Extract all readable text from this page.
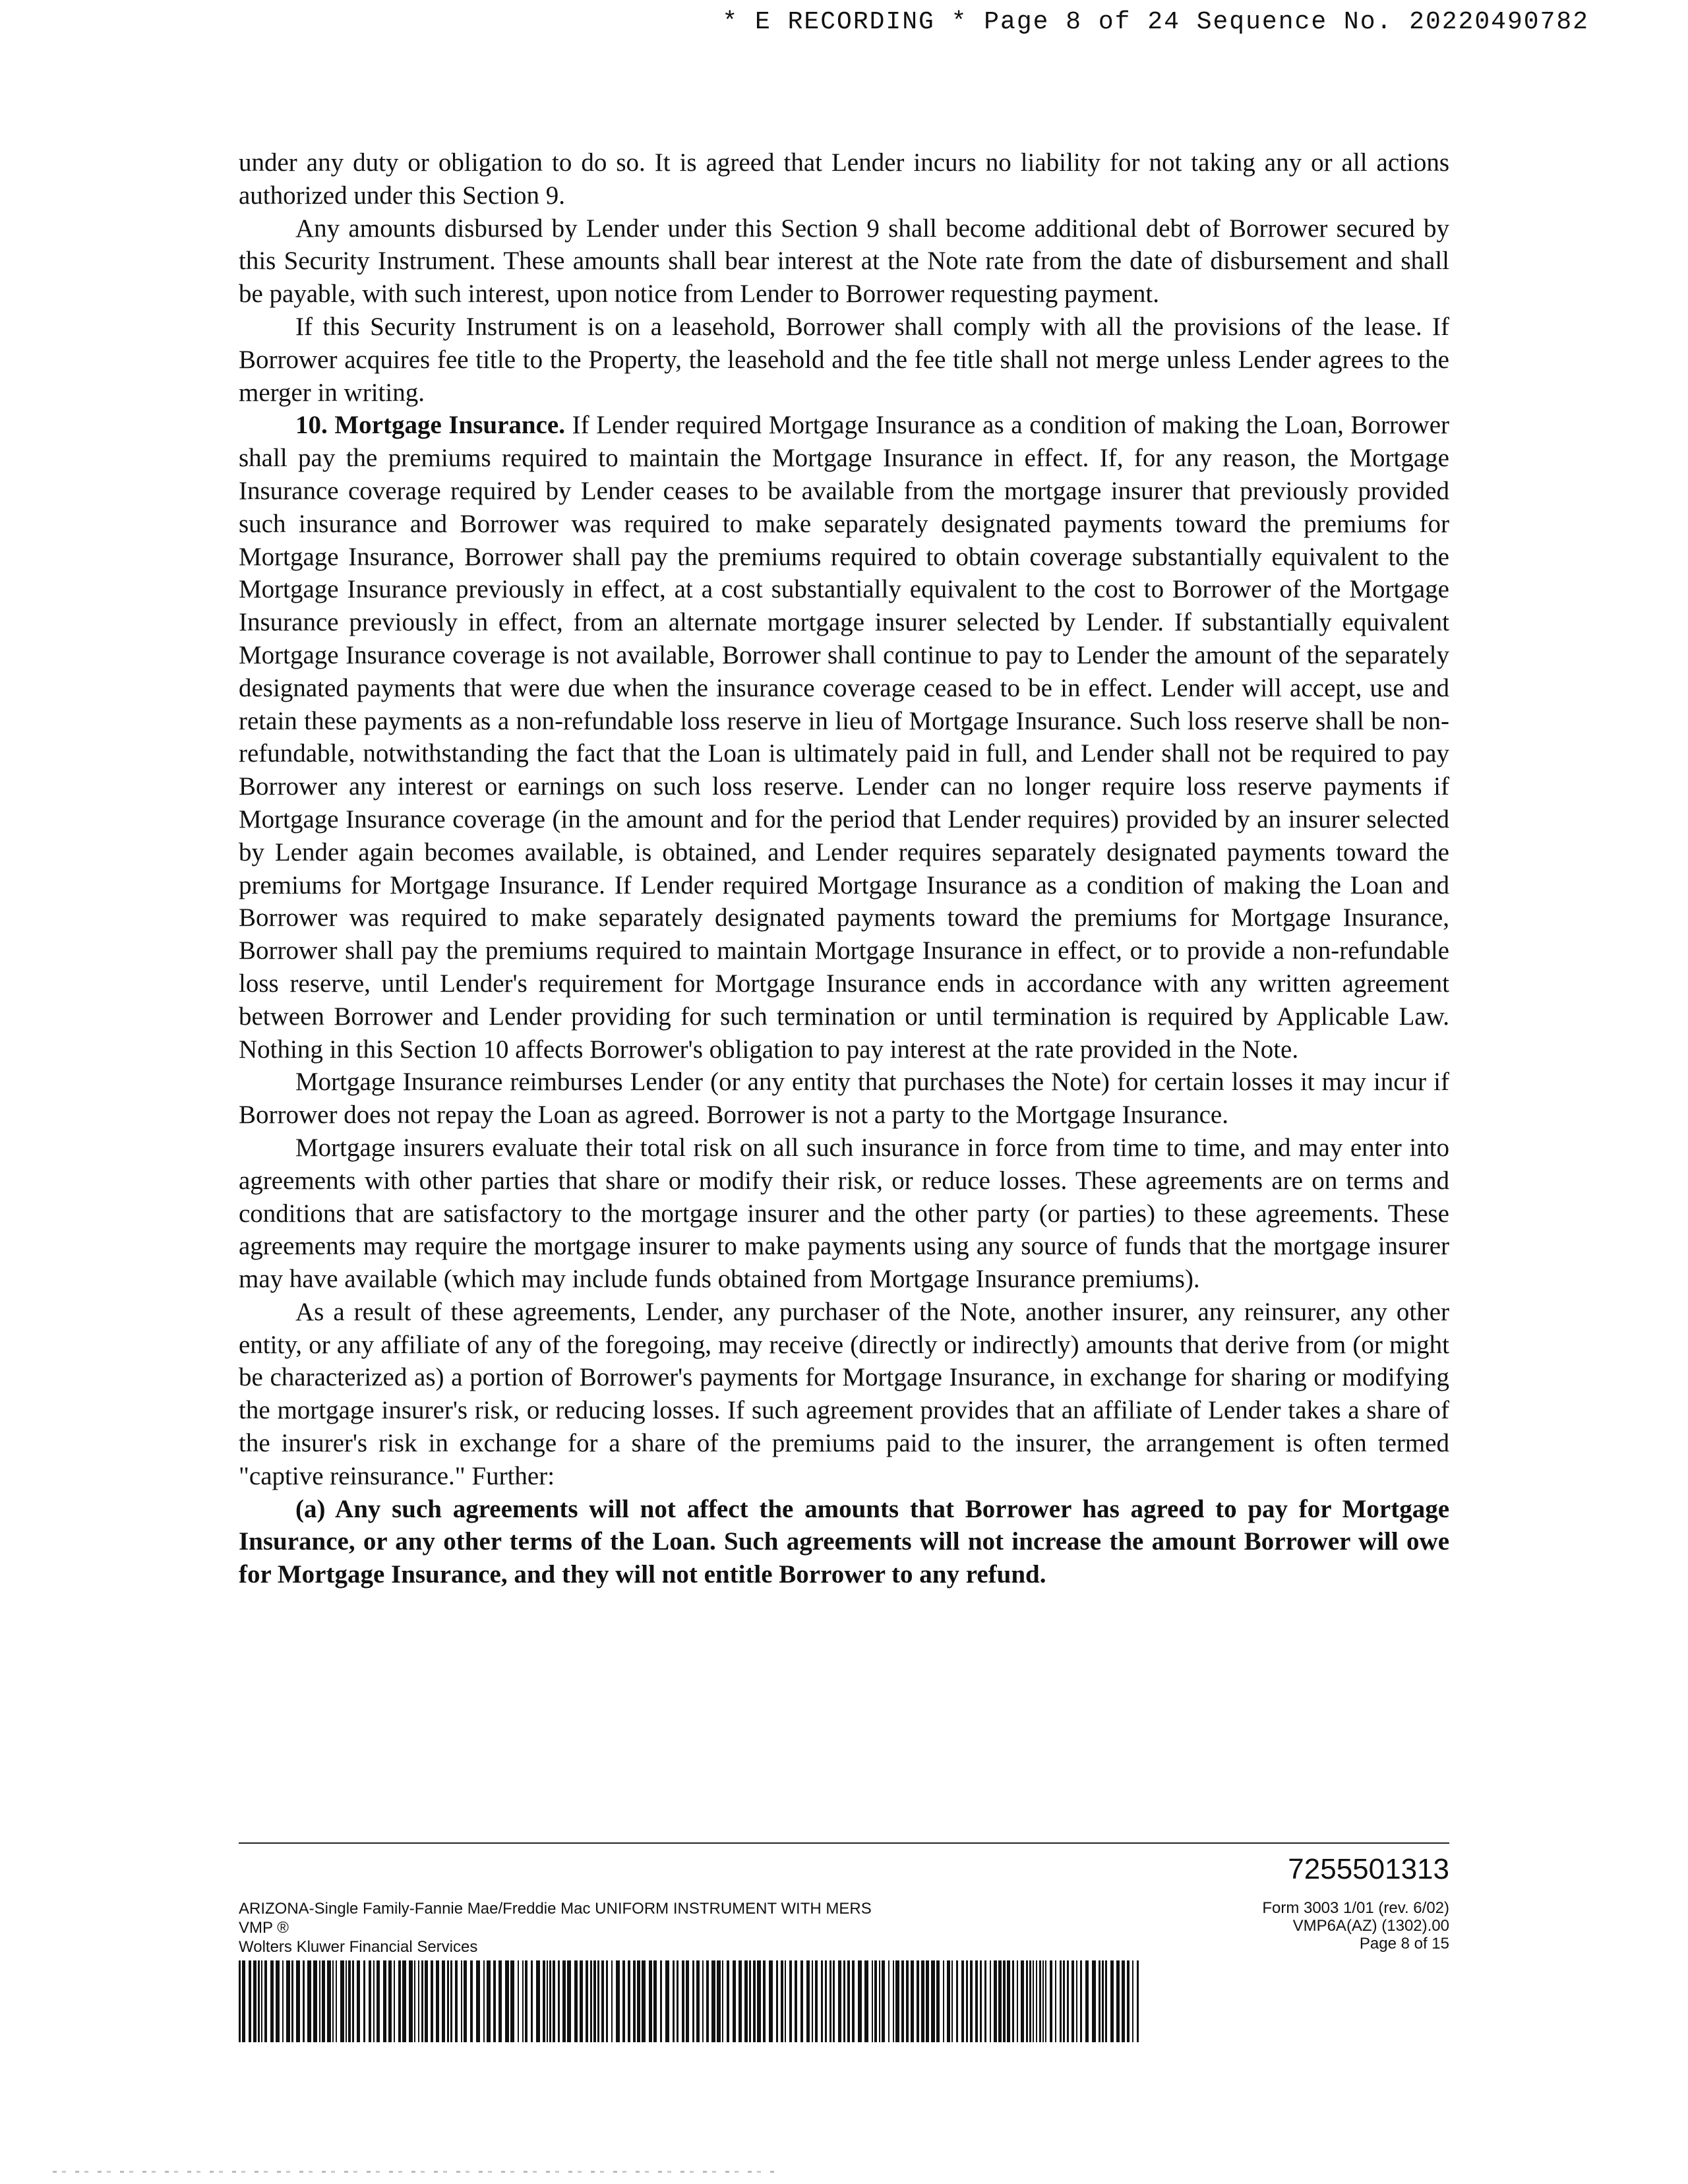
* E RECORDING * Page 8 of 24 Sequence No. 20220490782

under any duty or obligation to do so. It is agreed that Lender incurs no liability for not taking any or all actions authorized under this Section 9.

Any amounts disbursed by Lender under this Section 9 shall become additional debt of Borrower secured by this Security Instrument. These amounts shall bear interest at the Note rate from the date of disbursement and shall be payable, with such interest, upon notice from Lender to Borrower requesting payment.

If this Security Instrument is on a leasehold, Borrower shall comply with all the provisions of the lease. If Borrower acquires fee title to the Property, the leasehold and the fee title shall not merge unless Lender agrees to the merger in writing.

10. Mortgage Insurance. If Lender required Mortgage Insurance as a condition of making the Loan, Borrower shall pay the premiums required to maintain the Mortgage Insurance in effect. If, for any reason, the Mortgage Insurance coverage required by Lender ceases to be available from the mortgage insurer that previously provided such insurance and Borrower was required to make separately designated payments toward the premiums for Mortgage Insurance, Borrower shall pay the premiums required to obtain coverage substantially equivalent to the Mortgage Insurance previously in effect, at a cost substantially equivalent to the cost to Borrower of the Mortgage Insurance previously in effect, from an alternate mortgage insurer selected by Lender. If substantially equivalent Mortgage Insurance coverage is not available, Borrower shall continue to pay to Lender the amount of the separately designated payments that were due when the insurance coverage ceased to be in effect. Lender will accept, use and retain these payments as a non-refundable loss reserve in lieu of Mortgage Insurance. Such loss reserve shall be non-refundable, notwithstanding the fact that the Loan is ultimately paid in full, and Lender shall not be required to pay Borrower any interest or earnings on such loss reserve. Lender can no longer require loss reserve payments if Mortgage Insurance coverage (in the amount and for the period that Lender requires) provided by an insurer selected by Lender again becomes available, is obtained, and Lender requires separately designated payments toward the premiums for Mortgage Insurance. If Lender required Mortgage Insurance as a condition of making the Loan and Borrower was required to make separately designated payments toward the premiums for Mortgage Insurance, Borrower shall pay the premiums required to maintain Mortgage Insurance in effect, or to provide a non-refundable loss reserve, until Lender's requirement for Mortgage Insurance ends in accordance with any written agreement between Borrower and Lender providing for such termination or until termination is required by Applicable Law. Nothing in this Section 10 affects Borrower's obligation to pay interest at the rate provided in the Note.

Mortgage Insurance reimburses Lender (or any entity that purchases the Note) for certain losses it may incur if Borrower does not repay the Loan as agreed. Borrower is not a party to the Mortgage Insurance.

Mortgage insurers evaluate their total risk on all such insurance in force from time to time, and may enter into agreements with other parties that share or modify their risk, or reduce losses. These agreements are on terms and conditions that are satisfactory to the mortgage insurer and the other party (or parties) to these agreements. These agreements may require the mortgage insurer to make payments using any source of funds that the mortgage insurer may have available (which may include funds obtained from Mortgage Insurance premiums).

As a result of these agreements, Lender, any purchaser of the Note, another insurer, any reinsurer, any other entity, or any affiliate of any of the foregoing, may receive (directly or indirectly) amounts that derive from (or might be characterized as) a portion of Borrower's payments for Mortgage Insurance, in exchange for sharing or modifying the mortgage insurer's risk, or reducing losses. If such agreement provides that an affiliate of Lender takes a share of the insurer's risk in exchange for a share of the premiums paid to the insurer, the arrangement is often termed "captive reinsurance." Further:

(a) Any such agreements will not affect the amounts that Borrower has agreed to pay for Mortgage Insurance, or any other terms of the Loan. Such agreements will not increase the amount Borrower will owe for Mortgage Insurance, and they will not entitle Borrower to any refund.

7255501313
ARIZONA-Single Family-Fannie Mae/Freddie Mac UNIFORM INSTRUMENT WITH MERS
VMP ®
Wolters Kluwer Financial Services
Form 3003 1/01 (rev. 6/02)
VMP6A(AZ) (1302).00
Page 8 of 15
